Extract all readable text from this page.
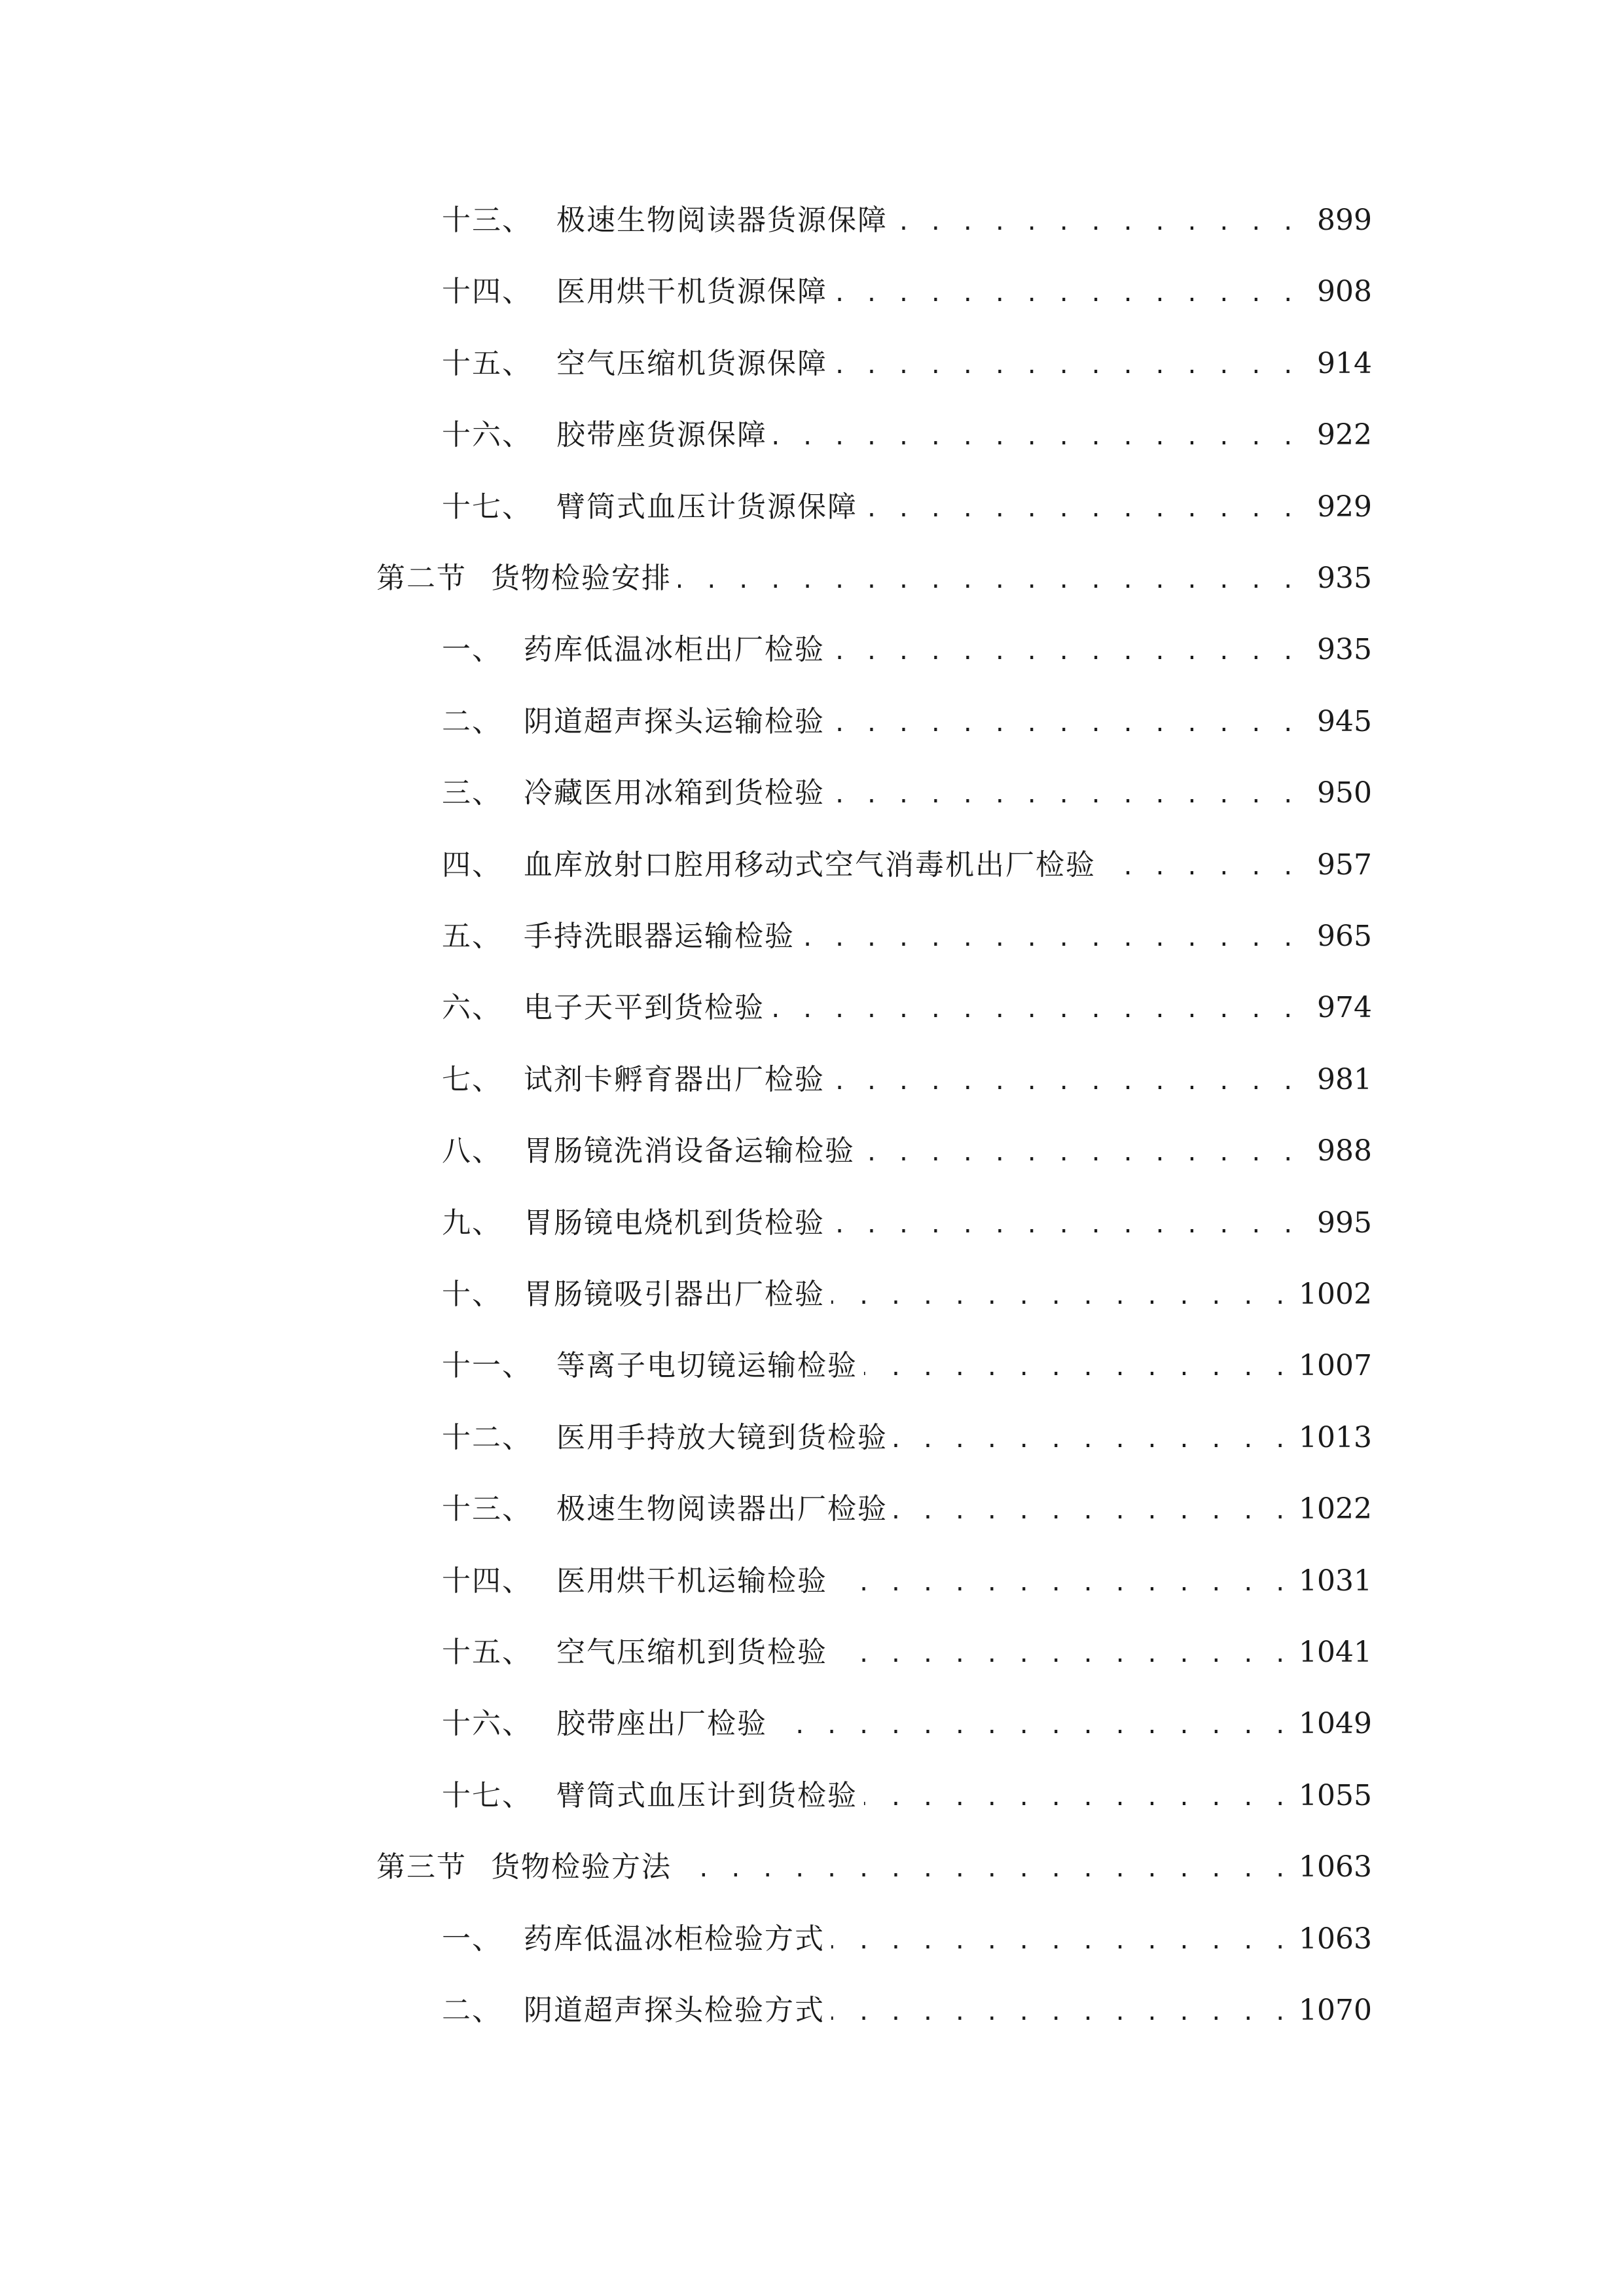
十三、 极速生物阅读器货源保障 . . .	899
十四、 医用烘干机货源保障 . . .	908
十五、 空气压缩机货源保障 . . .	914
十六、 胶带座货源保障 . . .	922
十七、 臂筒式血压计货源保障 . . .	929
第二节 货物检验安排 . . .	935
一、 药库低温冰柜出厂检验 . . .	935
二、 阴道超声探头运输检验 . . .	945
三、 冷藏医用冰箱到货检验 . . .	950
四、 血库放射口腔用移动式空气消毒机出厂检验 . . .	957
五、 手持洗眼器运输检验 . . .	965
六、 电子天平到货检验 . . .	974
七、 试剂卡孵育器出厂检验 . . .	981
八、 胃肠镜洗消设备运输检验 . . .	988
九、 胃肠镜电烧机到货检验 . . .	995
十、 胃肠镜吸引器出厂检验 . . .	1002
十一、 等离子电切镜运输检验 . . .	1007
十二、 医用手持放大镜到货检验 . . .	1013
十三、 极速生物阅读器出厂检验 . . .	1022
十四、 医用烘干机运输检验 . . .	1031
十五、 空气压缩机到货检验 . . .	1041
十六、 胶带座出厂检验 . . .	1049
十七、 臂筒式血压计到货检验 . . .	1055
第三节 货物检验方法 . . .	1063
一、 药库低温冰柜检验方式 . . .	1063
二、 阴道超声探头检验方式 . . .	1070
